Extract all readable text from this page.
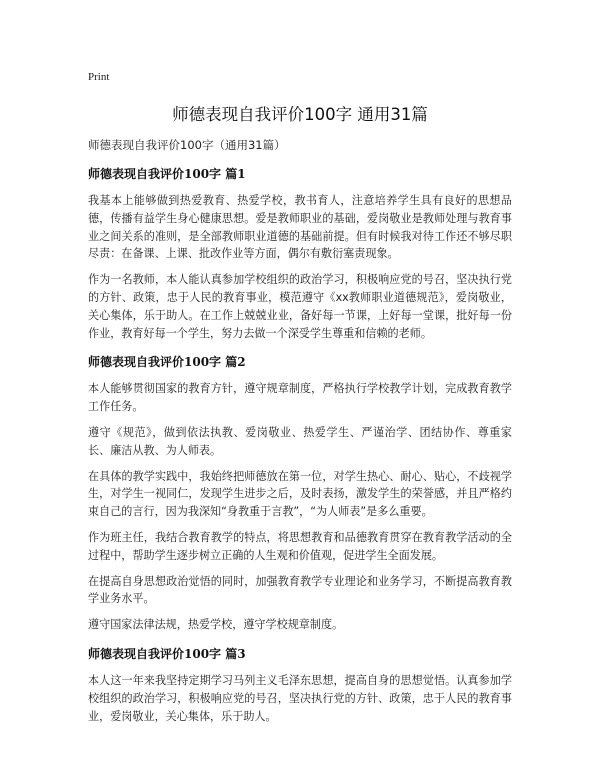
Print
师德表现自我评价100字 通用31篇
师德表现自我评价100字（通用31篇）
师德表现自我评价100字 篇1

我基本上能够做到热爱教育、热爱学校，教书育人，注意培养学生具有良好的思想品德，传播有益学生身心健康思想。爱是教师职业的基础，爱岗敬业是教师处理与教育事业之间关系的准则，是全部教师职业道德的基础前提。但有时候我对待工作还不够尽职尽责：在备课、上课、批改作业等方面，偶尔有敷衍塞责现象。

作为一名教师，本人能认真参加学校组织的政治学习，积极响应党的号召，坚决执行党的方针、政策，忠于人民的教育事业，模范遵守《xx教师职业道德规范》，爱岗敬业，关心集体，乐于助人。在工作上兢兢业业，备好每一节课，上好每一堂课，批好每一份作业，教育好每一个学生，努力去做一个深受学生尊重和信赖的老师。

师德表现自我评价100字 篇2

本人能够贯彻国家的教育方针，遵守规章制度，严格执行学校教学计划，完成教育教学工作任务。

遵守《规范》，做到依法执教、爱岗敬业、热爱学生、严谨治学、团结协作、尊重家长、廉洁从教、为人师表。

在具体的教学实践中，我始终把师德放在第一位，对学生热心、耐心、贴心，不歧视学生，对学生一视同仁，发现学生进步之后，及时表扬，激发学生的荣誉感，并且严格约束自己的言行，因为我深知“身教重于言教”，“为人师表”是多么重要。

作为班主任，我结合教育教学的特点，将思想教育和品德教育贯穿在教育教学活动的全过程中，帮助学生逐步树立正确的人生观和价值观，促进学生全面发展。

在提高自身思想政治觉悟的同时，加强教育教学专业理论和业务学习，不断提高教育教学业务水平。

遵守国家法律法规，热爱学校，遵守学校规章制度。

师德表现自我评价100字 篇3

本人这一年来我坚持定期学习马列主义毛泽东思想，提高自身的思想觉悟。认真参加学校组织的政治学习，积极响应党的号召，坚决执行党的方针、政策，忠于人民的教育事业，爱岗敬业，关心集体，乐于助人。
